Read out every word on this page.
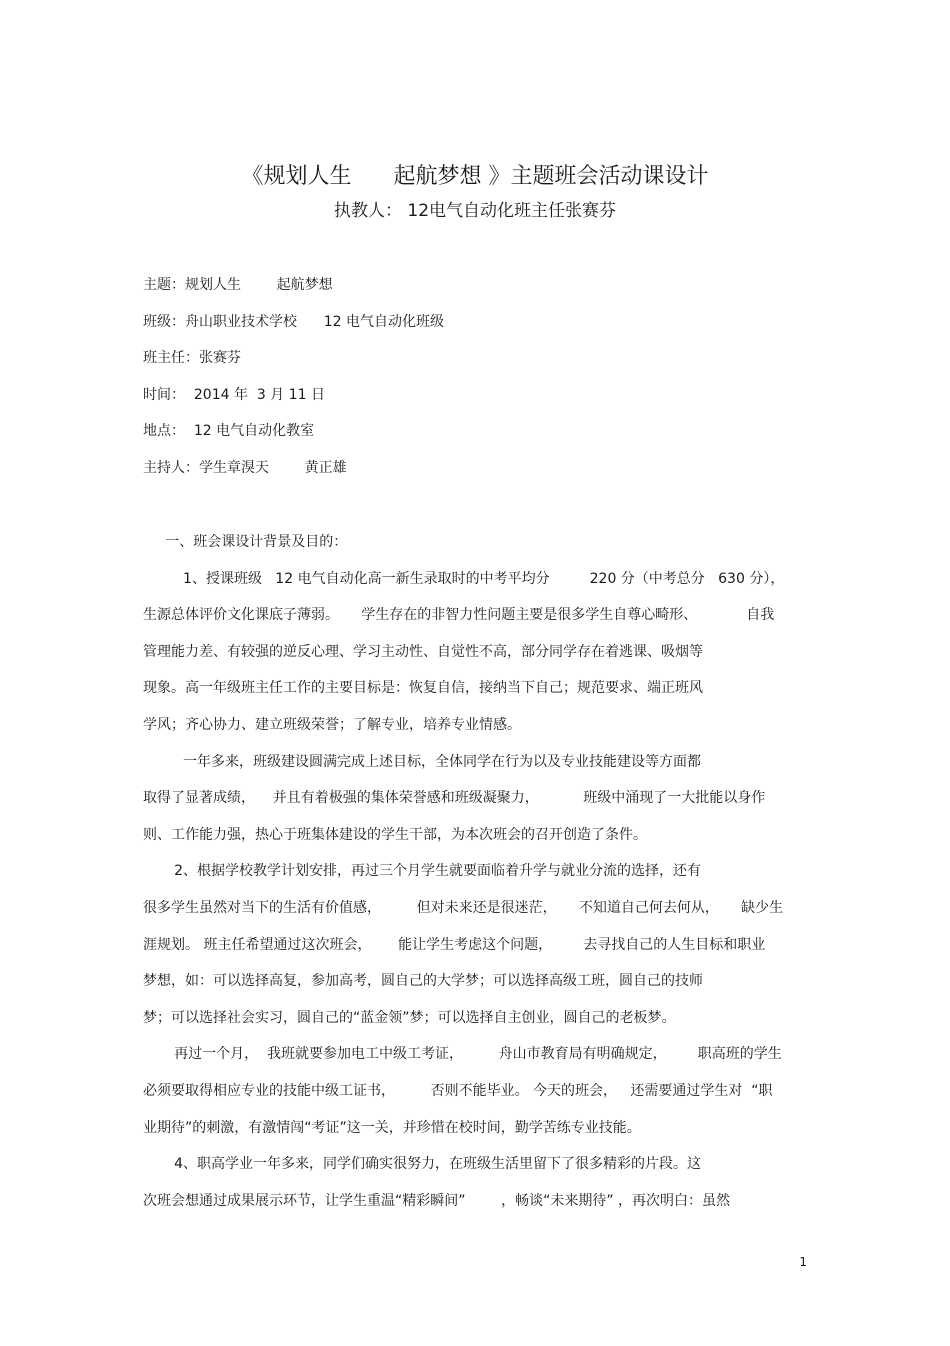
《规划人生      起航梦想 》主题班会活动课设计
执教人： 12电气自动化班主任张赛芬
主题：规划人生        起航梦想
班级：舟山职业技术学校      12 电气自动化班级
班主任：张赛芬
时间：  2014 年  3 月 11 日
地点：  12 电气自动化教室
主持人：学生章湨天        黄正雄
一、班会课设计背景及目的：
1、授课班级   12 电气自动化高一新生录取时的中考平均分         220 分（中考总分   630 分），
生源总体评价文化课底子薄弱。     学生存在的非智力性问题主要是很多学生自尊心畸形、           自我
管理能力差、有较强的逆反心理、学习主动性、自觉性不高，部分同学存在着逃课、吸烟等
现象。高一年级班主任工作的主要目标是：恢复自信，接纳当下自己；规范要求、端正班风
学风；齐心协力、建立班级荣誉；了解专业，培养专业情感。
一年多来，班级建设圆满完成上述目标，全体同学在行为以及专业技能建设等方面都
取得了显著成绩，    并且有着极强的集体荣誉感和班级凝聚力，          班级中涌现了一大批能以身作
则、工作能力强，热心于班集体建设的学生干部，为本次班会的召开创造了条件。
2、根据学校教学计划安排，再过三个月学生就要面临着升学与就业分流的选择，还有
很多学生虽然对当下的生活有价值感，        但对未来还是很迷茫，     不知道自己何去何从，     缺少生
涯规划。 班主任希望通过这次班会，      能让学生考虑这个问题，       去寻找自己的人生目标和职业
梦想，如：可以选择高复，参加高考，圆自己的大学梦；可以选择高级工班，圆自己的技师
梦；可以选择社会实习，圆自己的“蓝金领”梦；可以选择自主创业，圆自己的老板梦。
再过一个月，  我班就要参加电工中级工考证，        舟山市教育局有明确规定，       职高班的学生
必须要取得相应专业的技能中级工证书，        否则不能毕业。 今天的班会，   还需要通过学生对  “职
业期待”的刺激，有激情闯“考证”这一关，并珍惜在校时间，勤学苦练专业技能。
4、职高学业一年多来，同学们确实很努力，在班级生活里留下了很多精彩的片段。这
次班会想通过成果展示环节，让学生重温“精彩瞬间”        ，畅谈“未来期待” ，再次明白：虽然
1
